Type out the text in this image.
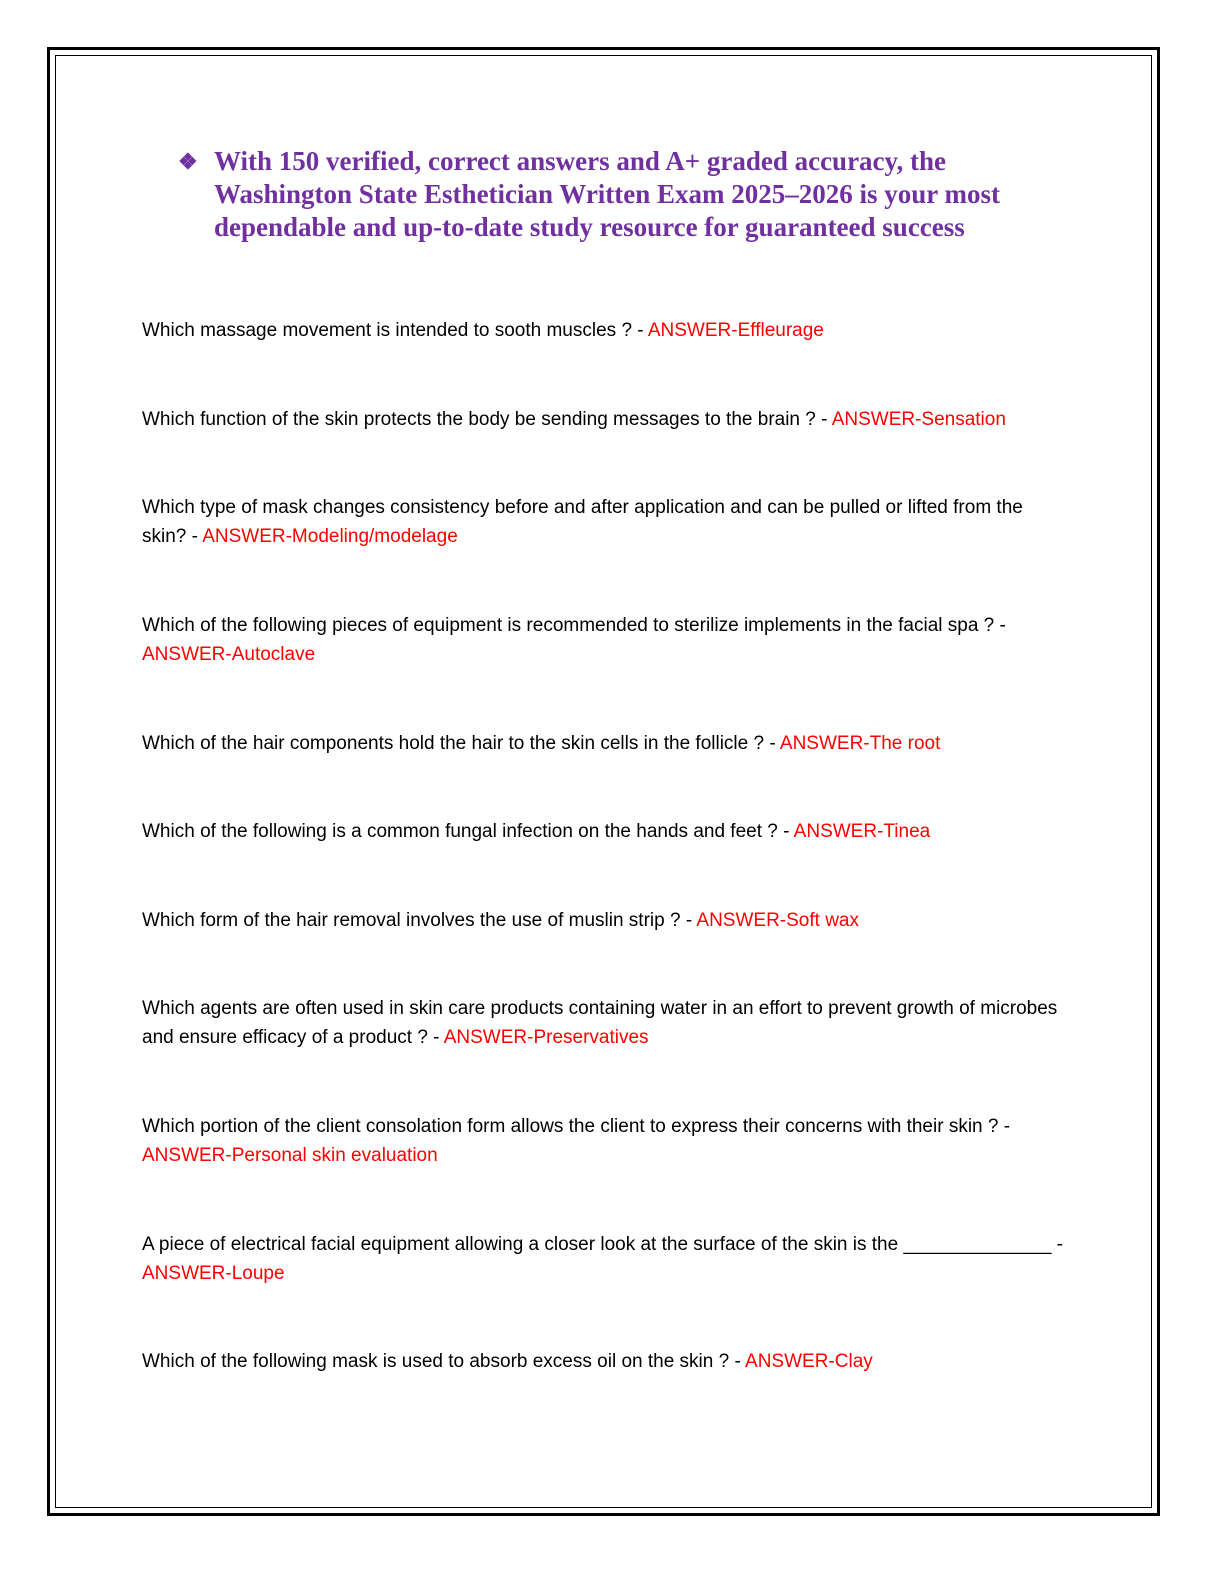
❖ With 150 verified, correct answers and A+ graded accuracy, the Washington State Esthetician Written Exam 2025–2026 is your most dependable and up-to-date study resource for guaranteed success
Which massage movement is intended to sooth muscles ? - ANSWER-Effleurage
Which function of the skin protects the body be sending messages to the brain ? - ANSWER-Sensation
Which type of mask changes consistency before and after application and can be pulled or lifted from the skin? - ANSWER-Modeling/modelage
Which of the following pieces of equipment is recommended to sterilize implements in the facial spa ? - ANSWER-Autoclave
Which of the hair components hold the hair to the skin cells in the follicle ? - ANSWER-The root
Which of the following is a common fungal infection on the hands and feet ? - ANSWER-Tinea
Which form of the hair removal involves the use of muslin strip ? - ANSWER-Soft wax
Which agents are often used in skin care products containing water in an effort to prevent growth of microbes and ensure efficacy of a product ? - ANSWER-Preservatives
Which portion of the client consolation form allows the client to express their concerns with their skin ? - ANSWER-Personal skin evaluation
A piece of electrical facial equipment allowing a closer look at the surface of the skin is the ______________ - ANSWER-Loupe
Which of the following mask is used to absorb excess oil on the skin ? - ANSWER-Clay
